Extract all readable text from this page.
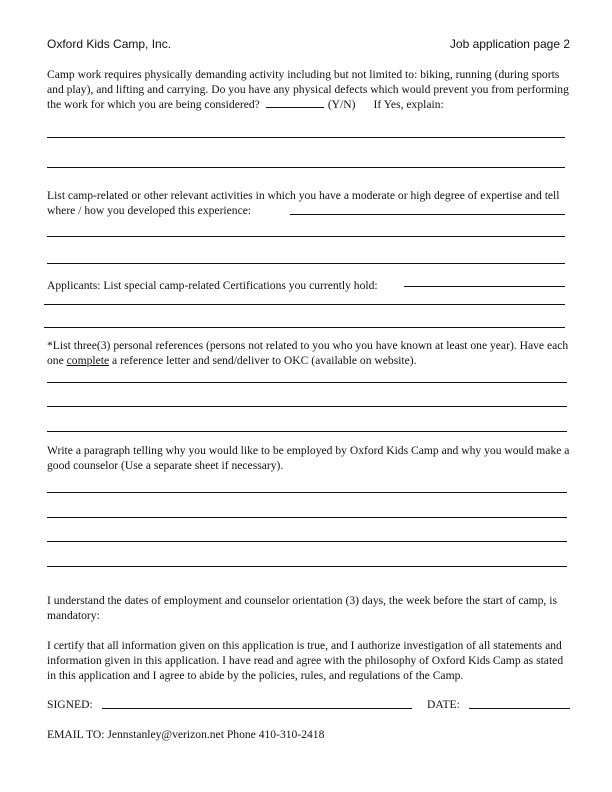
Oxford Kids Camp, Inc.	Job application page 2
Camp work requires physically demanding activity including but not limited to: biking, running (during sports and play), and lifting and carrying. Do you have any physical defects which would prevent you from performing the work for which you are being considered?	(Y/N) If Yes, explain:
List camp-related or other relevant activities in which you have a moderate or high degree of expertise and tell where / how you developed this experience:
Applicants: List special camp-related Certifications you currently hold:
*List three(3) personal references (persons not related to you who you have known at least one year). Have each one complete a reference letter and send/deliver to OKC (available on website).
Write a paragraph telling why you would like to be employed by Oxford Kids Camp and why you would make a good counselor (Use a separate sheet if necessary).
I understand the dates of employment and counselor orientation (3) days, the week before the start of camp, is mandatory:
I certify that all information given on this application is true, and I authorize investigation of all statements and information given in this application. I have read and agree with the philosophy of Oxford Kids Camp as stated in this application and I agree to abide by the policies, rules, and regulations of the Camp.
SIGNED:	DATE:
EMAIL TO: Jennstanley@verizon.net Phone 410-310-2418
